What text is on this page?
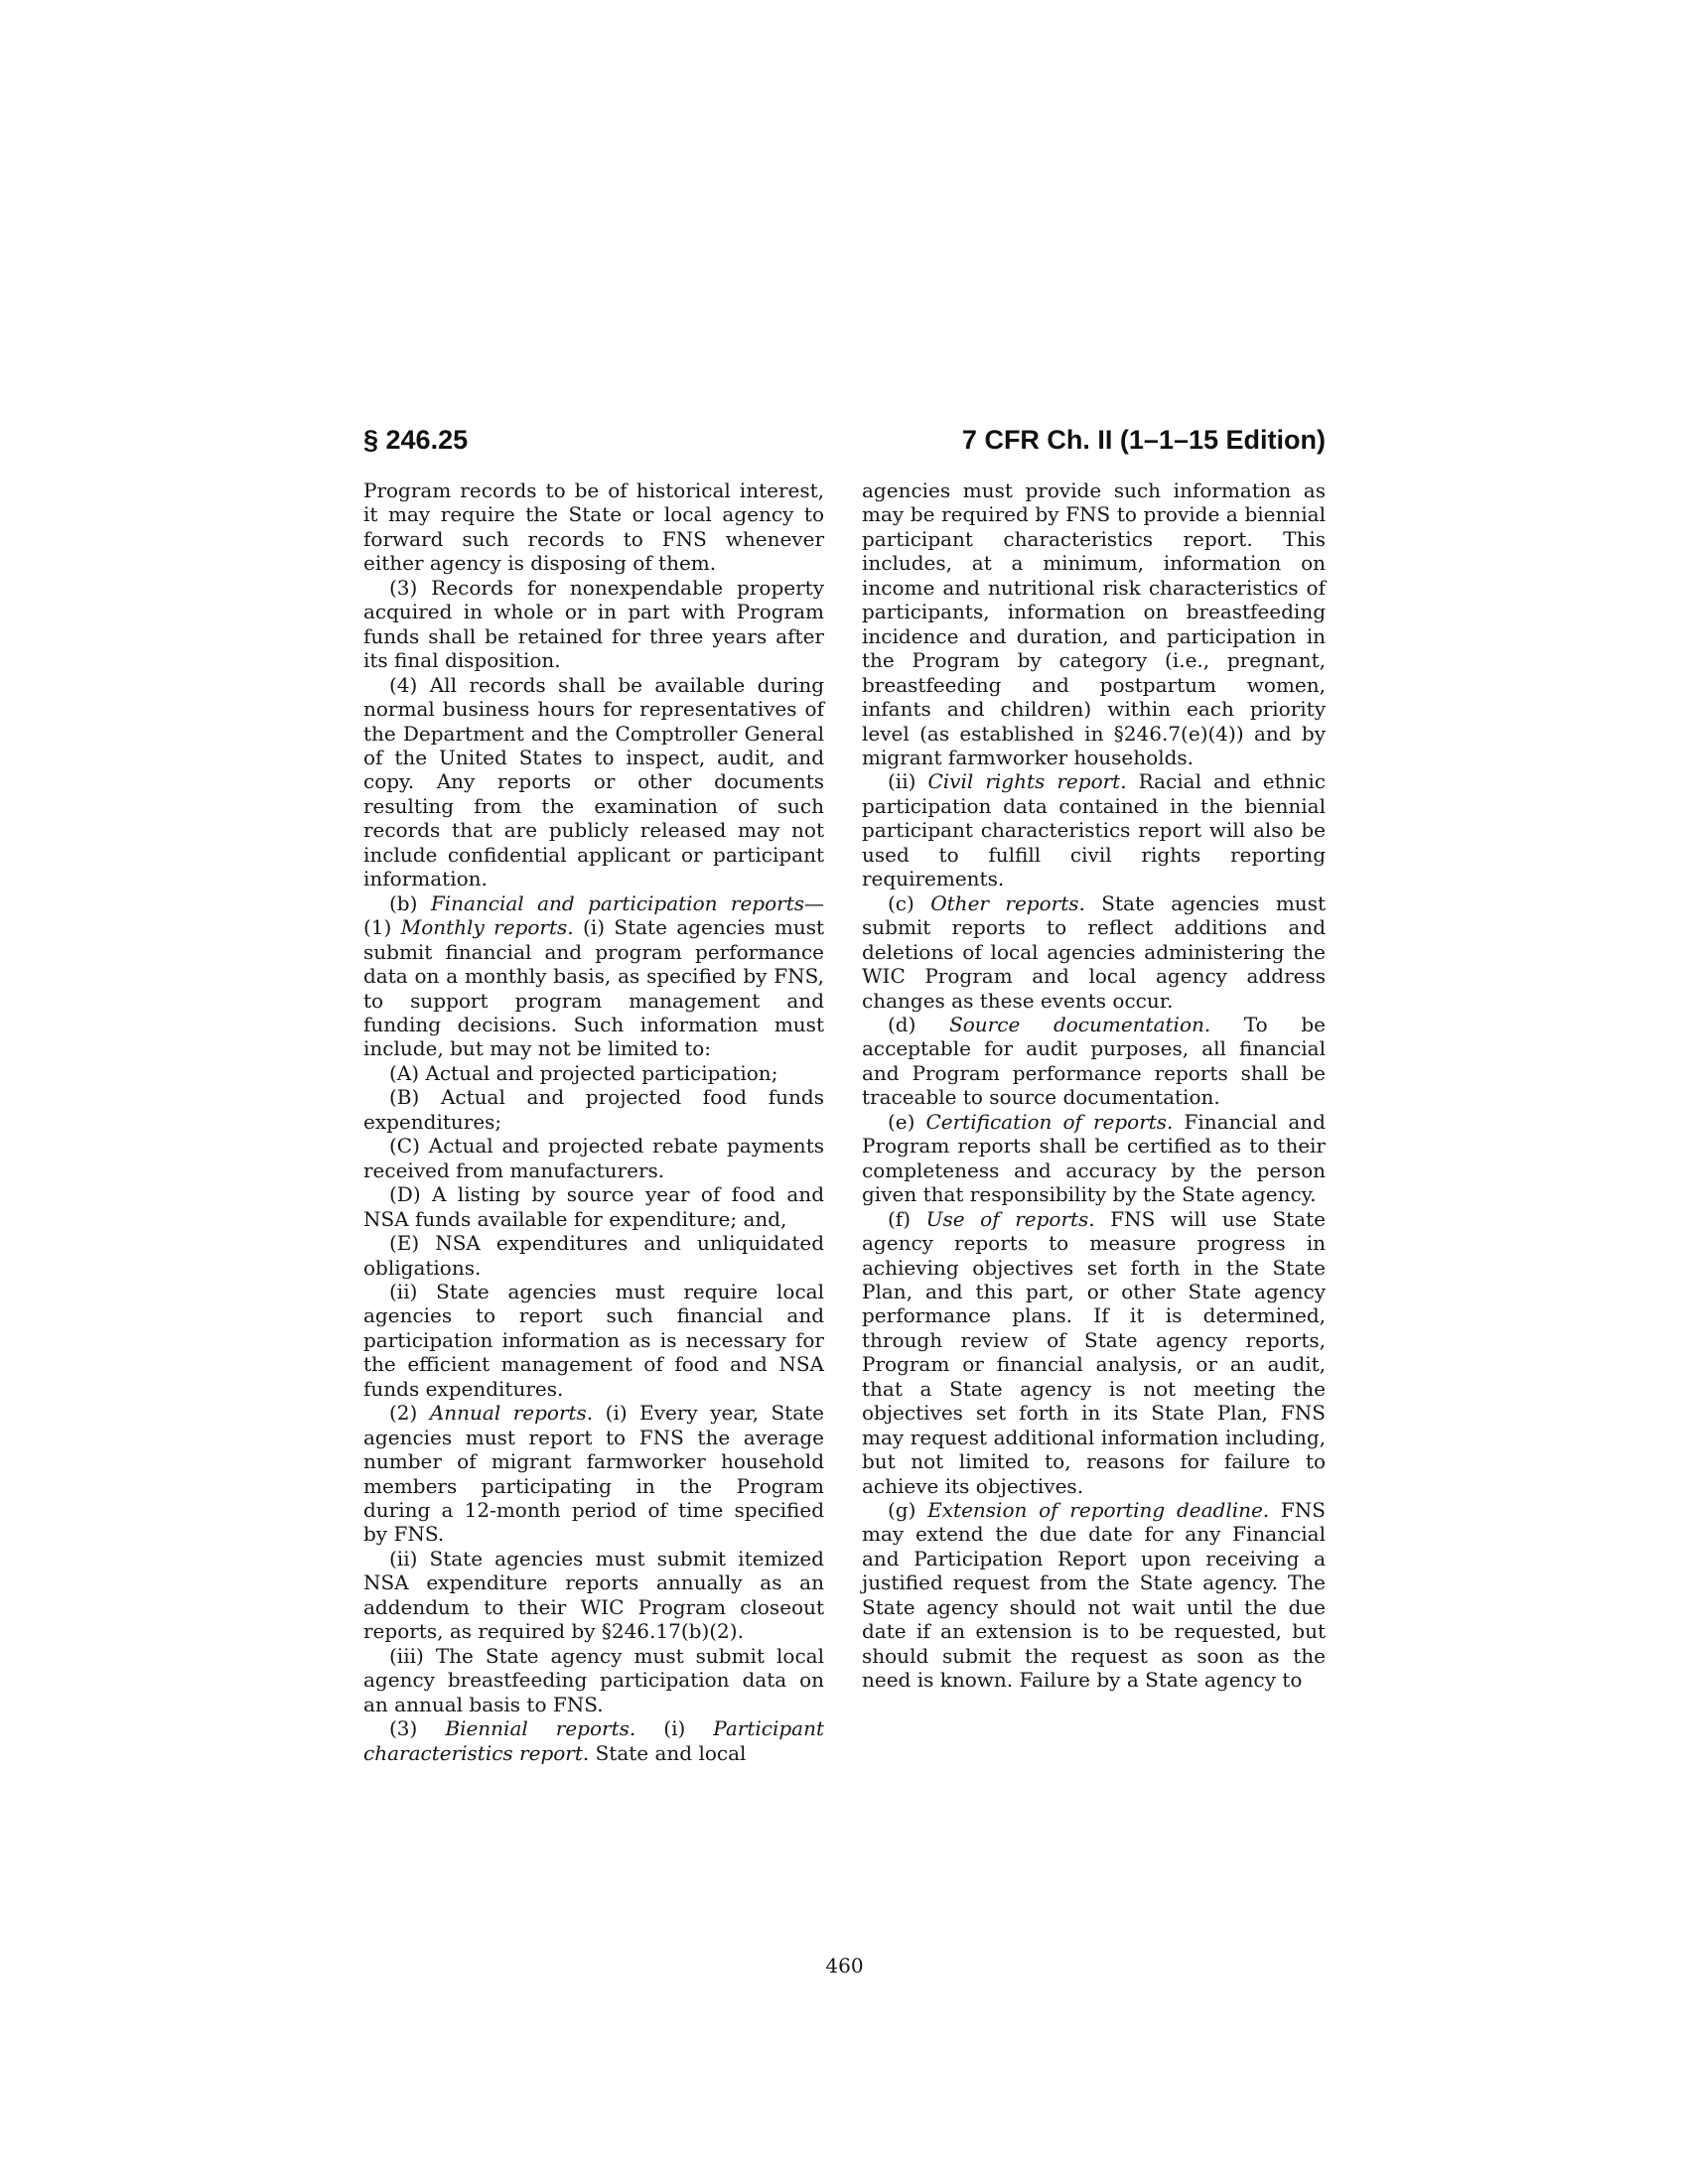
§ 246.25	7 CFR Ch. II (1–1–15 Edition)

Program records to be of historical interest, it may require the State or local agency to forward such records to FNS whenever either agency is disposing of them.

(3) Records for nonexpendable property acquired in whole or in part with Program funds shall be retained for three years after its final disposition.

(4) All records shall be available during normal business hours for representatives of the Department and the Comptroller General of the United States to inspect, audit, and copy. Any reports or other documents resulting from the examination of such records that are publicly released may not include confidential applicant or participant information.

(b) Financial and participation reports—(1) Monthly reports. (i) State agencies must submit financial and program performance data on a monthly basis, as specified by FNS, to support program management and funding decisions. Such information must include, but may not be limited to:

(A) Actual and projected participation;

(B) Actual and projected food funds expenditures;

(C) Actual and projected rebate payments received from manufacturers.

(D) A listing by source year of food and NSA funds available for expenditure; and,

(E) NSA expenditures and unliquidated obligations.

(ii) State agencies must require local agencies to report such financial and participation information as is necessary for the efficient management of food and NSA funds expenditures.

(2) Annual reports. (i) Every year, State agencies must report to FNS the average number of migrant farmworker household members participating in the Program during a 12-month period of time specified by FNS.

(ii) State agencies must submit itemized NSA expenditure reports annually as an addendum to their WIC Program closeout reports, as required by §246.17(b)(2).

(iii) The State agency must submit local agency breastfeeding participation data on an annual basis to FNS.

(3) Biennial reports. (i) Participant characteristics report. State and local

agencies must provide such information as may be required by FNS to provide a biennial participant characteristics report. This includes, at a minimum, information on income and nutritional risk characteristics of participants, information on breastfeeding incidence and duration, and participation in the Program by category (i.e., pregnant, breastfeeding and postpartum women, infants and children) within each priority level (as established in §246.7(e)(4)) and by migrant farmworker households.

(ii) Civil rights report. Racial and ethnic participation data contained in the biennial participant characteristics report will also be used to fulfill civil rights reporting requirements.

(c) Other reports. State agencies must submit reports to reflect additions and deletions of local agencies administering the WIC Program and local agency address changes as these events occur.

(d) Source documentation. To be acceptable for audit purposes, all financial and Program performance reports shall be traceable to source documentation.

(e) Certification of reports. Financial and Program reports shall be certified as to their completeness and accuracy by the person given that responsibility by the State agency.

(f) Use of reports. FNS will use State agency reports to measure progress in achieving objectives set forth in the State Plan, and this part, or other State agency performance plans. If it is determined, through review of State agency reports, Program or financial analysis, or an audit, that a State agency is not meeting the objectives set forth in its State Plan, FNS may request additional information including, but not limited to, reasons for failure to achieve its objectives.

(g) Extension of reporting deadline. FNS may extend the due date for any Financial and Participation Report upon receiving a justified request from the State agency. The State agency should not wait until the due date if an extension is to be requested, but should submit the request as soon as the need is known. Failure by a State agency to

460
